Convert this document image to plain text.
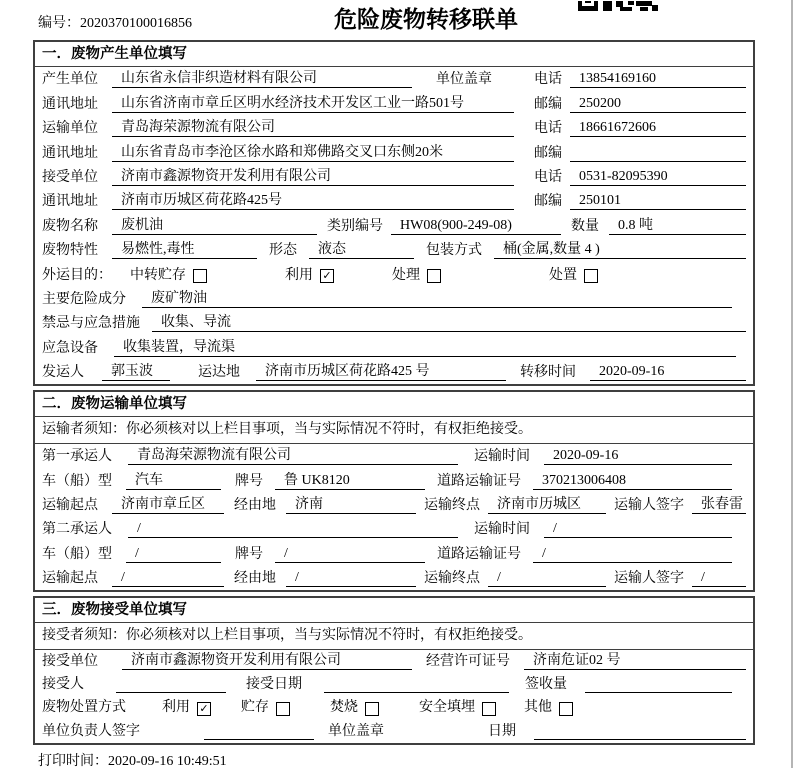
编号：2020370100016856	危险废物转移联单
一．废物产生单位填写
产生单位	山东省永信非织造材料有限公司	单位盖章	电话	13854169160
通讯地址	山东省济南市章丘区明水经济技术开发区工业一路501号	邮编	250200
运输单位	青岛海荣源物流有限公司	电话	18661672606
通讯地址	山东省青岛市李沧区徐水路和郑佛路交叉口东侧20米	邮编
接受单位	济南市鑫源物资开发利用有限公司	电话	0531-82095390
通讯地址	济南市历城区荷花路425号	邮编	250101
废物名称	废机油	类别编号	HW08(900-249-08)	数量	0.8 吨
废物特性	易燃性,毒性	形态	液态	包装方式	桶(金属,数量 4 )
外运目的： 中转贮存	利用 ✓	处理	处置
主要危险成分	废矿物油
禁忌与应急措施	收集、导流
应急设备	收集装置，导流渠
发运人	郭玉波	运达地	济南市历城区荷花路425 号	转移时间	2020-09-16
二．废物运输单位填写
运输者须知：你必须核对以上栏目事项，当与实际情况不符时，有权拒绝接受。
第一承运人	青岛海荣源物流有限公司	运输时间	2020-09-16
车（船）型	汽车	牌号	鲁 UK8120	道路运输证号	370213006408
运输起点	济南市章丘区	经由地	济南	运输终点	济南市历城区	运输人签字	张春雷
第二承运人	/	运输时间	/
车（船）型	/	牌号	/	道路运输证号	/
运输起点	/	经由地	/	运输终点	/	运输人签字	/
三．废物接受单位填写
接受者须知：你必须核对以上栏目事项，当与实际情况不符时，有权拒绝接受。
接受单位	济南市鑫源物资开发利用有限公司	经营许可证号	济南危证02 号
接受人	接受日期	签收量
废物处置方式	利用 ✓ 贮存	焚烧	安全填埋	其他
单位负责人签字	单位盖章	日期
打印时间：2020-09-16 10:49:51
